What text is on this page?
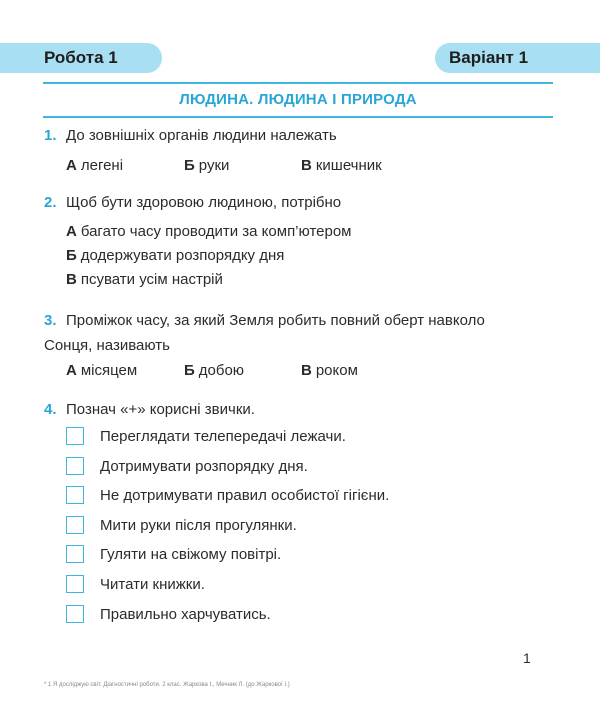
Робота 1	Варіант 1
ЛЮДИНА. ЛЮДИНА І ПРИРОДА
1. До зовнішніх органів людини належать
А легені	Б руки	В кишечник
2. Щоб бути здоровою людиною, потрібно
А багато часу проводити за комп’ютером
Б додержувати розпорядку дня
В псувати усім настрій
3. Проміжок часу, за який Земля робить повний оберт навколо Сонця, називають
А місяцем	Б добою	В роком
4. Познач «+» корисні звички.
Переглядати телепередачі лежачи.
Дотримувати розпорядку дня.
Не дотримувати правил особистої гігієни.
Мити руки після прогулянки.
Гуляти на свіжому повітрі.
Читати книжки.
Правильно харчуватись.
1
* 1 Я досліджую світ. Діагностичні роботи. 2 клас. Жаркова І., Мечник Л. (до Жаркової І.)
